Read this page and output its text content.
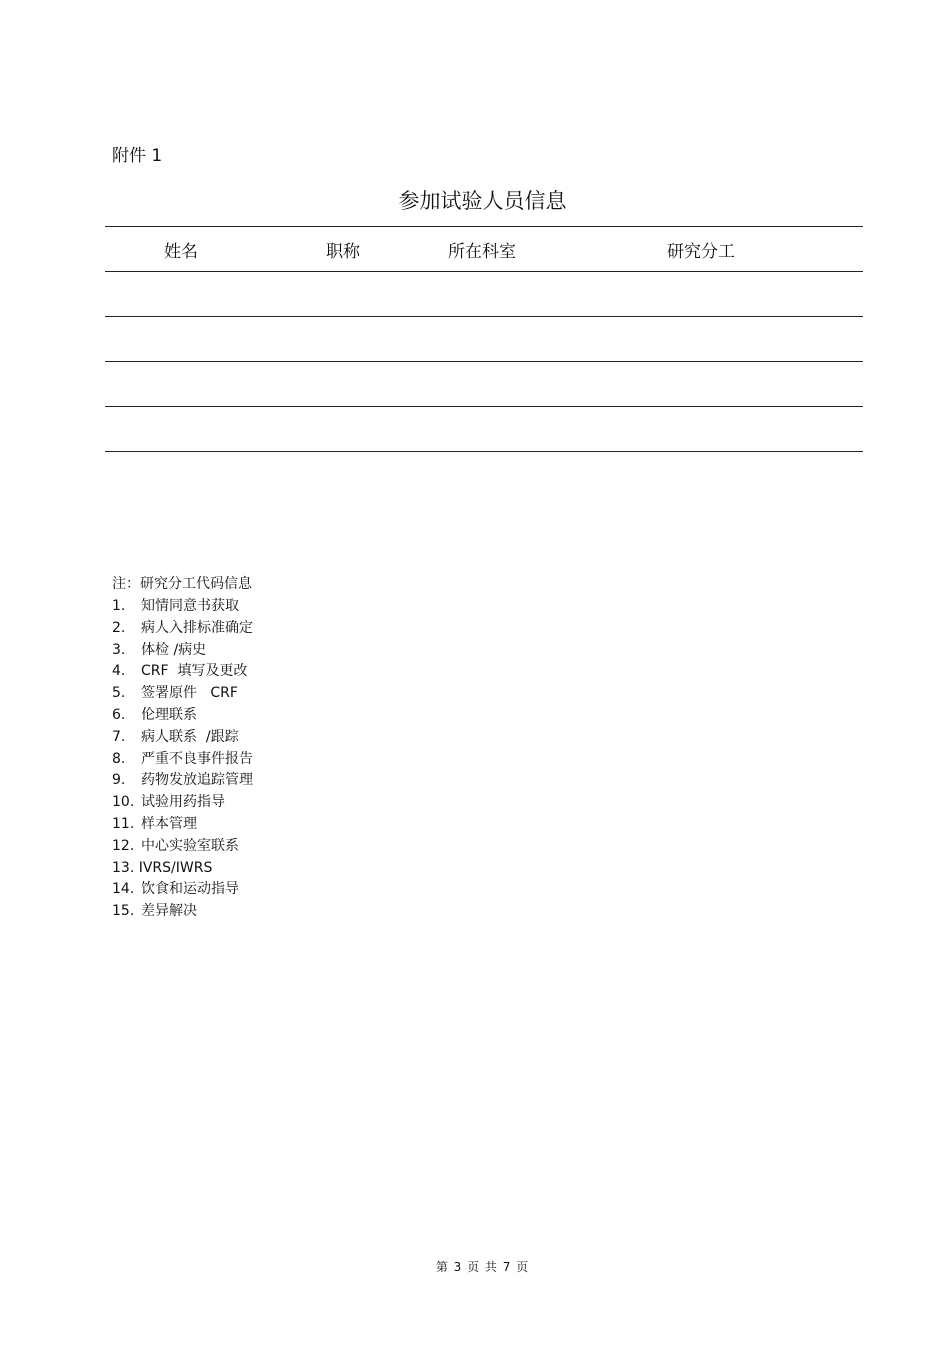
附件 1
参加试验人员信息
姓名	职称	所在科室	研究分工

注：研究分工代码信息
1. 知情同意书获取
2. 病人入排标准确定
3. 体检 /病史
4. CRF  填写及更改
5. 签署原件   CRF
6. 伦理联系
7. 病人联系  /跟踪
8. 严重不良事件报告
9. 药物发放追踪管理
10. 试验用药指导
11. 样本管理
12. 中心实验室联系
13. IVRS/IWRS
14. 饮食和运动指导
15. 差异解决
第 3 页 共 7 页
